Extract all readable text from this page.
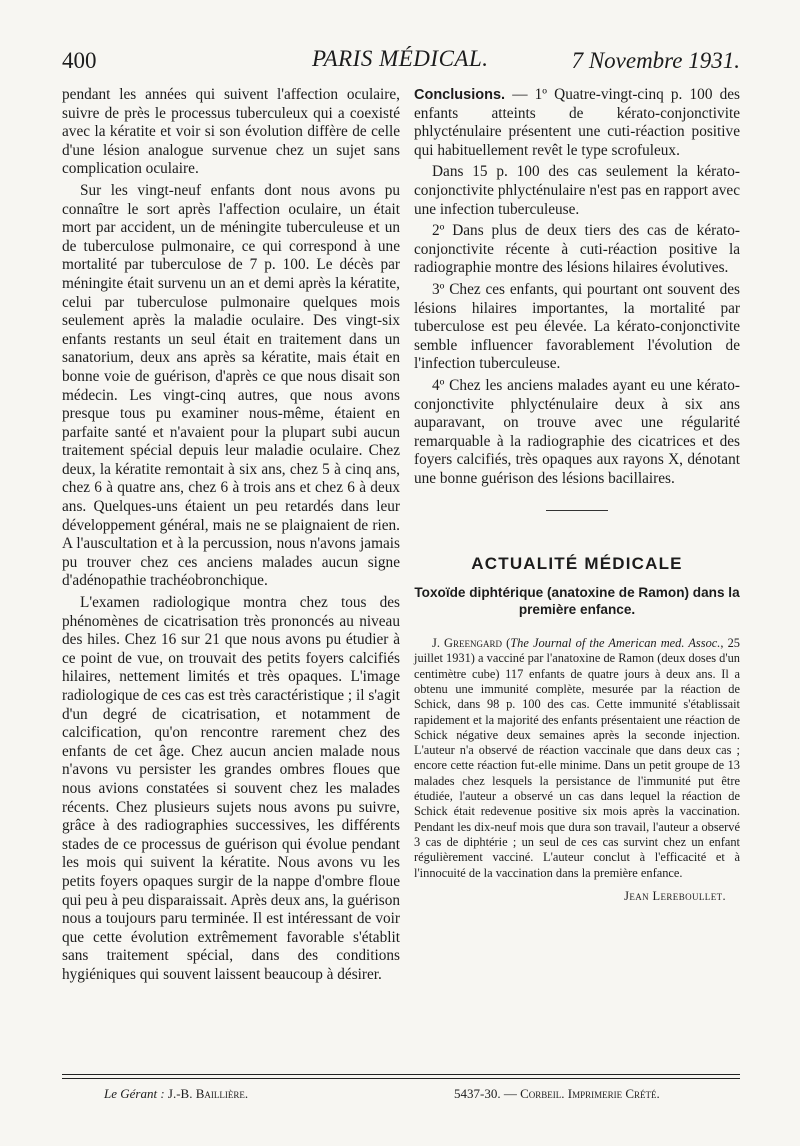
400	PARIS MÉDICAL.	7 Novembre 1931.

pendant les années qui suivent l'affection oculaire, suivre de près le processus tuberculeux qui a coexisté avec la kératite et voir si son évolution diffère de celle d'une lésion analogue survenue chez un sujet sans complication oculaire.

Sur les vingt-neuf enfants dont nous avons pu connaître le sort après l'affection oculaire, un était mort par accident, un de méningite tuberculeuse et un de tuberculose pulmonaire, ce qui correspond à une mortalité par tuberculose de 7 p. 100. Le décès par méningite était survenu un an et demi après la kératite, celui par tuberculose pulmonaire quelques mois seulement après la maladie oculaire. Des vingt-six enfants restants un seul était en traitement dans un sanatorium, deux ans après sa kératite, mais était en bonne voie de guérison, d'après ce que nous disait son médecin. Les vingt-cinq autres, que nous avons presque tous pu examiner nous-même, étaient en parfaite santé et n'avaient pour la plupart subi aucun traitement spécial depuis leur maladie oculaire. Chez deux, la kératite remontait à six ans, chez 5 à cinq ans, chez 6 à quatre ans, chez 6 à trois ans et chez 6 à deux ans. Quelques-uns étaient un peu retardés dans leur développement général, mais ne se plaignaient de rien. A l'auscultation et à la percussion, nous n'avons jamais pu trouver chez ces anciens malades aucun signe d'adénopathie trachéobronchique.

L'examen radiologique montra chez tous des phénomènes de cicatrisation très prononcés au niveau des hiles. Chez 16 sur 21 que nous avons pu étudier à ce point de vue, on trouvait des petits foyers calcifiés hilaires, nettement limités et très opaques. L'image radiologique de ces cas est très caractéristique ; il s'agit d'un degré de cicatrisation, et notamment de calcification, qu'on rencontre rarement chez des enfants de cet âge. Chez aucun ancien malade nous n'avons vu persister les grandes ombres floues que nous avions constatées si souvent chez les malades récents. Chez plusieurs sujets nous avons pu suivre, grâce à des radiographies successives, les différents stades de ce processus de guérison qui évolue pendant les mois qui suivent la kératite. Nous avons vu les petits foyers opaques surgir de la nappe d'ombre floue qui peu à peu disparaissait. Après deux ans, la guérison nous a toujours paru terminée. Il est intéressant de voir que cette évolution extrêmement favorable s'établit sans traitement spécial, dans des conditions hygiéniques qui souvent laissent beaucoup à désirer.

Conclusions. — 1º Quatre-vingt-cinq p. 100 des enfants atteints de kérato-conjonctivite phlycténulaire présentent une cuti-réaction positive qui habituellement revêt le type scrofuleux.

Dans 15 p. 100 des cas seulement la kérato-conjonctivite phlycténulaire n'est pas en rapport avec une infection tuberculeuse.

2º Dans plus de deux tiers des cas de kérato-conjonctivite récente à cuti-réaction positive la radiographie montre des lésions hilaires évolutives.

3º Chez ces enfants, qui pourtant ont souvent des lésions hilaires importantes, la mortalité par tuberculose est peu élevée. La kérato-conjonctivite semble influencer favorablement l'évolution de l'infection tuberculeuse.

4º Chez les anciens malades ayant eu une kérato-conjonctivite phlycténulaire deux à six ans auparavant, on trouve avec une régularité remarquable à la radiographie des cicatrices et des foyers calcifiés, très opaques aux rayons X, dénotant une bonne guérison des lésions bacillaires.

ACTUALITÉ MÉDICALE
Toxoïde diphtérique (anatoxine de Ramon) dans la première enfance.

J. Greengard (The Journal of the American med. Assoc., 25 juillet 1931) a vacciné par l'anatoxine de Ramon (deux doses d'un centimètre cube) 117 enfants de quatre jours à deux ans. Il a obtenu une immunité complète, mesurée par la réaction de Schick, dans 98 p. 100 des cas. Cette immunité s'établissait rapidement et la majorité des enfants présentaient une réaction de Schick négative deux semaines après la seconde injection. L'auteur n'a observé de réaction vaccinale que dans deux cas ; encore cette réaction fut-elle minime. Dans un petit groupe de 13 malades chez lesquels la persistance de l'immunité put être étudiée, l'auteur a observé un cas dans lequel la réaction de Schick était redevenue positive six mois après la vaccination. Pendant les dix-neuf mois que dura son travail, l'auteur a observé 3 cas de diphtérie ; un seul de ces cas survint chez un enfant régulièrement vacciné. L'auteur conclut à l'efficacité et à l'innocuité de la vaccination dans la première enfance.

Jean Lereboullet.
Le Gérant : J.-B. Baillière.	5437-30. — Corbeil. Imprimerie Crété.
